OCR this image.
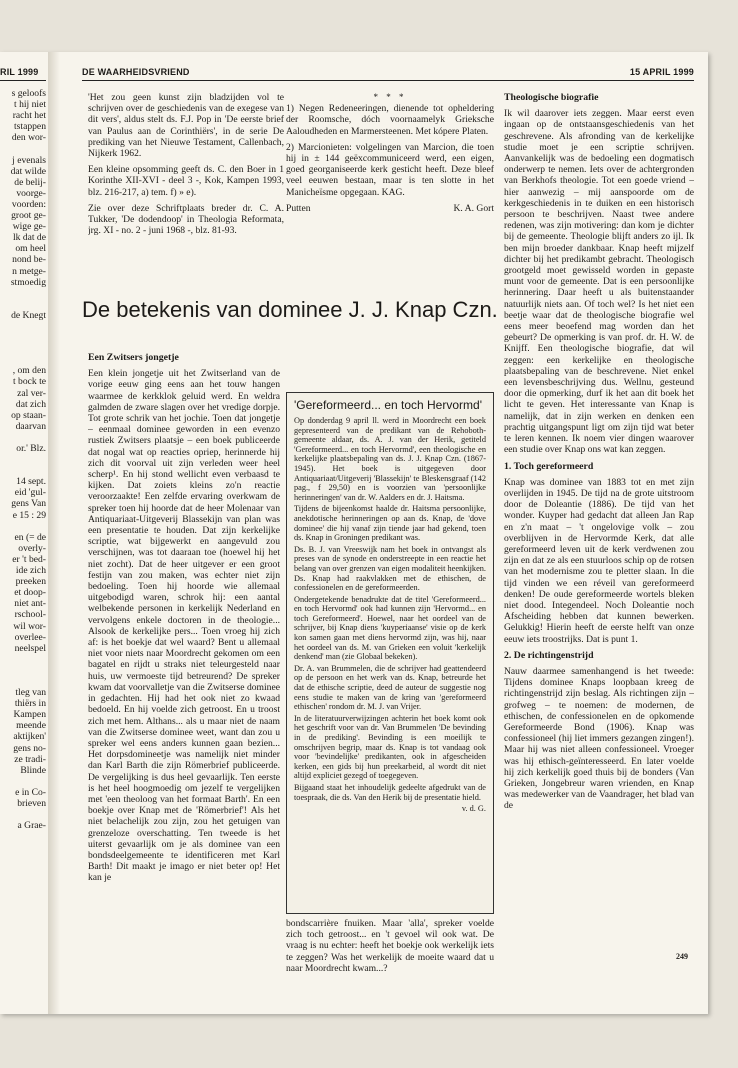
s geloofs
t hij niet
racht het
tstappen
den wor-
j evenals
dat wilde
de belij-
voorge-
voorden:
groot ge-
wige ge-
lk dat de
om heel
nond be-
n metge-
stmoedig
de Knegt
, om den
t bock te
zal ver-
dat zich
op staan-
daarvan
or.' Blz.
14 sept.
eid 'gul-
gens Van
e 15 : 29
en (= de
overly-
er 't bed-
ide zich
preeken
et doop-
niet ant-
rschool-
wil wor-
overlee-
neelspel
tleg van
thiërs in
Kampen
meende
aktijken'
gens no-
ze tradi-
Blinde
e in Co-
brieven
a Grae-
RIL 1999	DE WAARHEIDSVRIEND	15 APRIL 1999

'Het zou geen kunst zijn bladzijden vol te schrijven over de geschiedenis van de exegese van dit vers', aldus stelt ds. F.J. Pop in 'De eerste brief van Paulus aan de Corinthiërs', in de serie De prediking van het Nieuwe Testament, Callenbach, Nijkerk 1962.

Een kleine opsomming geeft ds. C. den Boer in 1 Korinthe XII-XVI - deel 3 -, Kok, Kampen 1993, blz. 216-217, a) tem. f) » e).

Zie over deze Schriftplaats breder dr. C. A. Tukker, 'De dodendoop' in Theologia Reformata, jrg. XI - no. 2 - juni 1968 -, blz. 81-93.

* * *

1) Negen Redeneeringen, dienende tot opheldering der Roomsche, dóch voornaamelyk Grieksche Aaloudheden en Marmersteenen. Met kópere Platen.

2) Marcionieten: volgelingen van Marcion, die toen hij in ± 144 geëxcommuniceerd werd, een eigen, goed georganiseerde kerk gesticht heeft. Deze bleef veel eeuwen bestaan, maar is ten slotte in het Manicheïsme opgegaan. KAG.

Putten	K. A. Gort
De betekenis van dominee J. J. Knap Czn.

Een Zwitsers jongetje

Een klein jongetje uit het Zwitserland van de vorige eeuw ging eens aan het touw hangen waarmee de kerkklok geluid werd. En weldra galmden de zware slagen over het vredige dorpje. Tot grote schrik van het jochie. Toen dat jongetje – eenmaal dominee geworden in een evenzo rustiek Zwitsers plaatsje – een boek publiceerde dat nogal wat op reacties opriep, herinnerde hij zich dit voorval uit zijn verleden weer heel scherp¹. En hij stond wellicht even verbaasd te kijken. Dat zoiets kleins zo'n reactie veroorzaakte! Een zelfde ervaring overkwam de spreker toen hij hoorde dat de heer Molenaar van Antiquariaat-Uitgeverij Blassekijn van plan was een presentatie te houden. Dat zijn kerkelijke scriptie, wat bijgewerkt en aangevuld zou verschijnen, was tot daaraan toe (hoewel hij het niet zocht). Dat de heer uitgever er een groot festijn van zou maken, was echter niet zijn bedoeling. Toen hij hoorde wie allemaal uitgebodigd waren, schrok hij: een aantal welbekende personen in kerkelijk Nederland en vervolgens enkele doctoren in de theologie... Alsook de kerkelijke pers... Toen vroeg hij zich af: is het boekje dat wel waard? Bent u allemaal niet voor niets naar Moordrecht gekomen om een bagatel en rijdt u straks niet teleurgesteld naar huis, uw vermoeste tijd betreurend? De spreker kwam dat voorvalletje van die Zwitserse dominee in gedachten. Hij had het ook niet zo kwaad bedoeld. En hij voelde zich getroost. En u troost zich met hem. Althans... als u maar niet de naam van die Zwitserse dominee weet, want dan zou u spreker wel eens anders kunnen gaan bezien... Het dorpsdomineetje was namelijk niet minder dan Karl Barth die zijn Römerbrief publiceerde. De vergelijking is dus heel gevaarlijk. Ten eerste is het heel hoogmoedig om jezelf te vergelijken met 'een theoloog van het formaat Barth'. En een boekje over Knap met de 'Römerbrief'! Als het niet belachelijk zou zijn, zou het getuigen van grenzeloze overschatting. Ten tweede is het uiterst gevaarlijk om je als dominee van een bondsdeelgemeente te identificeren met Karl Barth! Dit maakt je imago er niet beter op! Het kan je

'Gereformeerd... en toch Hervormd'

Op donderdag 9 april ll. werd in Moordrecht een boek gepresenteerd van de predikant van de Rehoboth-gemeente aldaar, ds. A. J. van der Herik, getiteld 'Gereformeerd... en toch Hervormd', een theologische en kerkelijke plaatsbepaling van ds. J. J. Knap Czn. (1867-1945). Het boek is uitgegeven door Antiquariaat/Uitgeverij 'Blassekijn' te Bleskensgraaf (142 pag., f 29,50) en is voorzien van 'persoonlijke herinneringen' van dr. W. Aalders en dr. J. Haitsma.

Tijdens de bijeenkomst haalde dr. Haitsma persoonlijke, anekdotische herinneringen op aan ds. Knap, de 'dove dominee' die hij vanaf zijn tiende jaar had gekend, toen ds. Knap in Groningen predikant was.

Ds. B. J. van Vreeswijk nam het boek in ontvangst als preses van de synode en onderstreepte in een reactie het belang van over grenzen van eigen modaliteit heenkijken. Ds. Knap had raakvlakken met de ethischen, de confessionelen en de gereformeerden.

Ondergetekende benadrukte dat de titel 'Gereformeerd... en toch Hervormd' ook had kunnen zijn 'Hervormd... en toch Gereformeerd'. Hoewel, naar het oordeel van de schrijver, bij Knap diens 'kuyperiaanse' visie op de kerk kon samen gaan met diens hervormd zijn, was hij, naar het oordeel van ds. M. van Grieken een voluit 'kerkelijk denkend' man (zie Globaal bekeken).

Dr. A. van Brummelen, die de schrijver had geattendeerd op de persoon en het werk van ds. Knap, betreurde het dat de ethische scriptie, deed de auteur de suggestie nog eens studie te maken van de kring van 'gereformeerd ethischen' rondom dr. M. J. van Vrijer.

In de literatuurverwijzingen achterin het boek komt ook het geschrift voor van dr. Van Brummelen 'De bevinding in de prediking'. Bevinding is een moeilijk te omschrijven begrip, maar ds. Knap is tot vandaag ook voor 'bevindelijke' predikanten, ook in afgescheiden kerken, een gids bij hun preekarbeid, al wordt dit niet altijd expliciet gezegd of toegegeven.

Bijgaand staat het inhoudelijk gedeelte afgedrukt van de toespraak, die ds. Van den Herik bij de presentatie hield.

v. d. G.

bondscarrière fnuiken. Maar 'alla', spreker voelde zich toch getroost... en 't gevoel wil ook wat. De vraag is nu echter: heeft het boekje ook werkelijk iets te zeggen? Was het werkelijk de moeite waard dat u naar Moordrecht kwam...?

Theologische biografie

Ik wil daarover iets zeggen. Maar eerst even ingaan op de ontstaansgeschiedenis van het geschrevene. Als afronding van de kerkelijke studie moet je een scriptie schrijven. Aanvankelijk was de bedoeling een dogmatisch onderwerp te nemen. Iets over de achtergronden van Berkhofs theologie. Tot een goede vriend – hier aanwezig – mij aanspoorde om de kerkgeschiedenis in te duiken en een historisch persoon te beschrijven. Naast twee andere redenen, was zijn motivering: dan kom je dichter bij de gemeente. Theologie blijft anders zo ijl. Ik ben mijn broeder dankbaar. Knap heeft mijzelf dichter bij het predikambt gebracht. Theologisch grootgeld moet gewisseld worden in gepaste munt voor de gemeente. Dat is een persoonlijke herinnering. Daar heeft u als buitenstaander natuurlijk niets aan. Of toch wel? Is het niet een beetje waar dat de theologische biografie wel eens meer beoefend mag worden dan het gebeurt? De opmerking is van prof. dr. H. W. de Knijff. Een theologische biografie, dat wil zeggen: een kerkelijke en theologische plaatsbepaling van de beschrevene. Niet enkel een levensbeschrijving dus. Wellnu, gesteund door die opmerking, durf ik het aan dit boek het licht te geven. Het interessante van Knap is namelijk, dat in zijn werken en denken een prachtig uitgangspunt ligt om zijn tijd wat beter te leren kennen. Ik noem vier dingen waarover een studie over Knap ons wat kan zeggen.

1. Toch gereformeerd

Knap was dominee van 1883 tot en met zijn overlijden in 1945. De tijd na de grote uitstroom door de Doleantie (1886). De tijd van het wonder. Kuyper had gedacht dat alleen Jan Rap en z'n maat – 't ongelovige volk – zou overblijven in de Hervormde Kerk, dat alle gereformeerd leven uit de kerk verdwenen zou zijn en dat ze als een stuurloos schip op de rotsen van het modernisme zou te pletter slaan. In die tijd vinden we een réveil van gereformeerd denken! De oude gereformeerde wortels bleken niet dood. Integendeel. Noch Doleantie noch Afscheiding hebben dat kunnen bewerken. Gelukkig! Hierin heeft de eerste helft van onze eeuw iets troostrijks. Dat is punt 1.

2. De richtingenstrijd

Nauw daarmee samenhangend is het tweede: Tijdens dominee Knaps loopbaan kreeg de richtingenstrijd zijn beslag. Als richtingen zijn – grofweg – te noemen: de modernen, de ethischen, de confessionelen en de opkomende Gereformeerde Bond (1906). Knap was confessioneel (hij liet immers gezangen zingen!). Maar hij was niet alleen confessioneel. Vroeger was hij ethisch-geïnteresseerd. En later voelde hij zich kerkelijk goed thuis bij de bonders (Van Grieken, Jongebreur waren vrienden, en Knap was medewerker van de Vaandrager, het blad van de

249
